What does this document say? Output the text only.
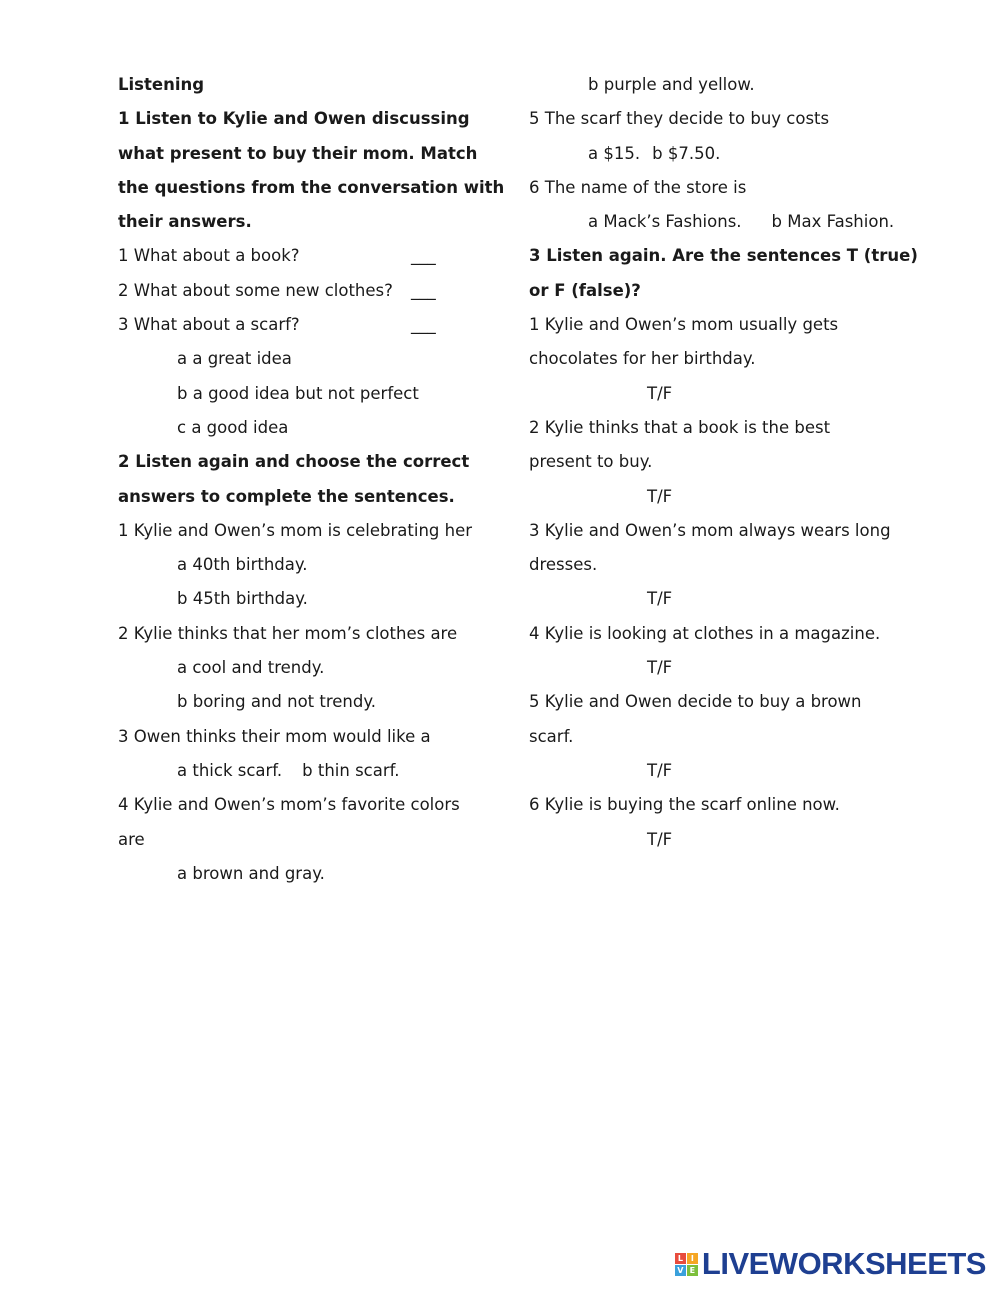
Listening
1 Listen to Kylie and Owen discussing
what present to buy their mom. Match
the questions from the conversation with
their answers.
1 What about a book?	___
2 What about some new clothes? ___
3 What about a scarf?	___
a a great idea
b a good idea but not perfect
c a good idea
2 Listen again and choose the correct
answers to complete the sentences.
1 Kylie and Owen’s mom is celebrating her
a 40th birthday.
b 45th birthday.
2 Kylie thinks that her mom’s clothes are
a cool and trendy.
b boring and not trendy.
3 Owen thinks their mom would like a
a thick scarf. b thin scarf.
4 Kylie and Owen’s mom’s favorite colors
are
a brown and gray.
b purple and yellow.
5 The scarf they decide to buy costs
a $15. b $7.50.
6 The name of the store is
a Mack’s Fashions. b Max Fashion.
3 Listen again. Are the sentences T (true)
or F (false)?
1 Kylie and Owen’s mom usually gets
chocolates for her birthday.
T/F
2 Kylie thinks that a book is the best
present to buy.
T/F
3 Kylie and Owen’s mom always wears long
dresses.
T/F
4 Kylie is looking at clothes in a magazine.
T/F
5 Kylie and Owen decide to buy a brown
scarf.
T/F
6 Kylie is buying the scarf online now.
T/F
L I
V E LIVEWORKSHEETS
